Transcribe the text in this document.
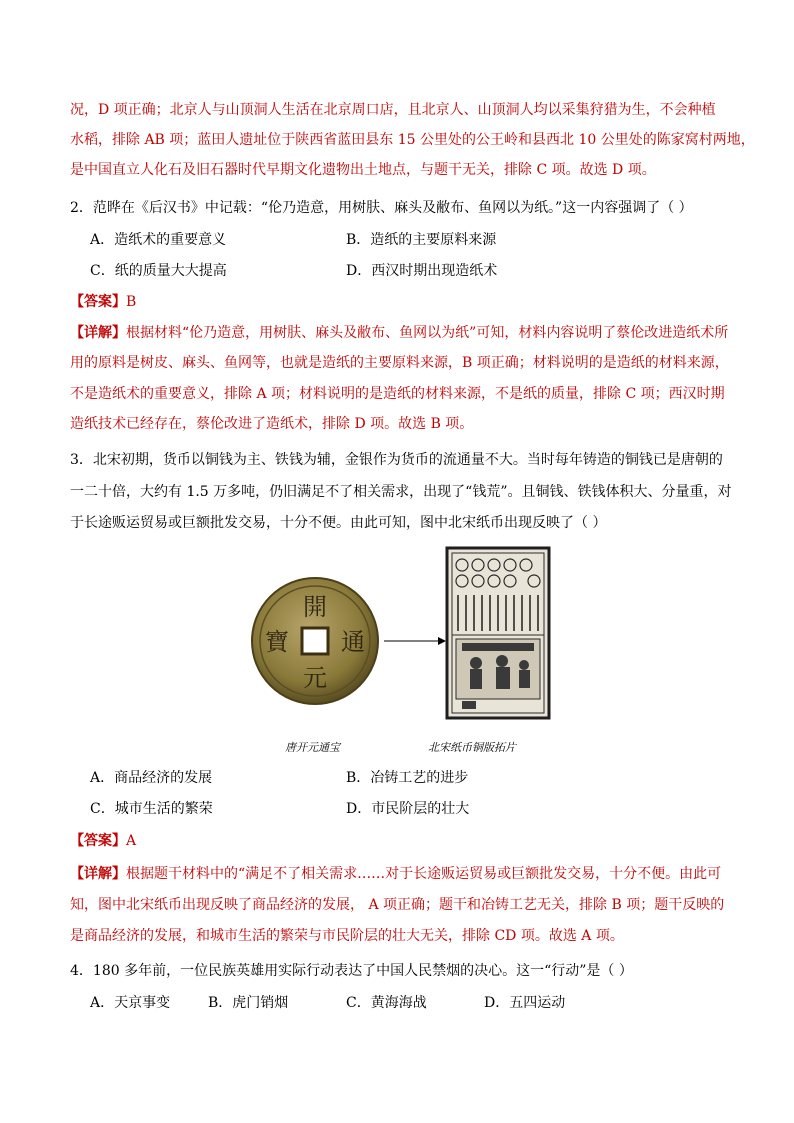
况，D 项正确；北京人与山顶洞人生活在北京周口店，且北京人、山顶洞人均以采集狩猎为生，不会种植
水稻，排除 AB 项；蓝田人遗址位于陕西省蓝田县东 15 公里处的公王岭和县西北 10 公里处的陈家窝村两地，
是中国直立人化石及旧石器时代早期文化遗物出土地点，与题干无关，排除 C 项。故选 D 项。
2．范晔在《后汉书》中记载：“伦乃造意，用树肤、麻头及敝布、鱼网以为纸。”这一内容强调了（ ）
A．造纸术的重要意义	B．造纸的主要原料来源
C．纸的质量大大提高	D．西汉时期出现造纸术
【答案】B
【详解】根据材料“伦乃造意，用树肤、麻头及敝布、鱼网以为纸”可知，材料内容说明了蔡伦改进造纸术所
用的原料是树皮、麻头、鱼网等，也就是造纸的主要原料来源，B 项正确；材料说明的是造纸的材料来源，
不是造纸术的重要意义，排除 A 项；材料说明的是造纸的材料来源，不是纸的质量，排除 C 项；西汉时期
造纸技术已经存在，蔡伦改进了造纸术，排除 D 项。故选 B 项。
3．北宋初期，货币以铜钱为主、铁钱为辅，金银作为货币的流通量不大。当时每年铸造的铜钱已是唐朝的
一二十倍，大约有 1.5 万多吨，仍旧满足不了相关需求，出现了“钱荒”。且铜钱、铁钱体积大、分量重，对
于长途贩运贸易或巨额批发交易，十分不便。由此可知，图中北宋纸币出现反映了（ ）
開
元
通
寶
唐开元通宝	北宋纸币铜版拓片
A．商品经济的发展	B．冶铸工艺的进步
C．城市生活的繁荣	D．市民阶层的壮大
【答案】A
【详解】根据题干材料中的“满足不了相关需求……对于长途贩运贸易或巨额批发交易，十分不便。由此可
知，图中北宋纸币出现反映了商品经济的发展， A 项正确；题干和冶铸工艺无关，排除 B 项；题干反映的
是商品经济的发展，和城市生活的繁荣与市民阶层的壮大无关，排除 CD 项。故选 A 项。
4．180 多年前，一位民族英雄用实际行动表达了中国人民禁烟的决心。这一“行动”是（ ）
A．天京事变	B．虎门销烟	C．黄海海战	D．五四运动
